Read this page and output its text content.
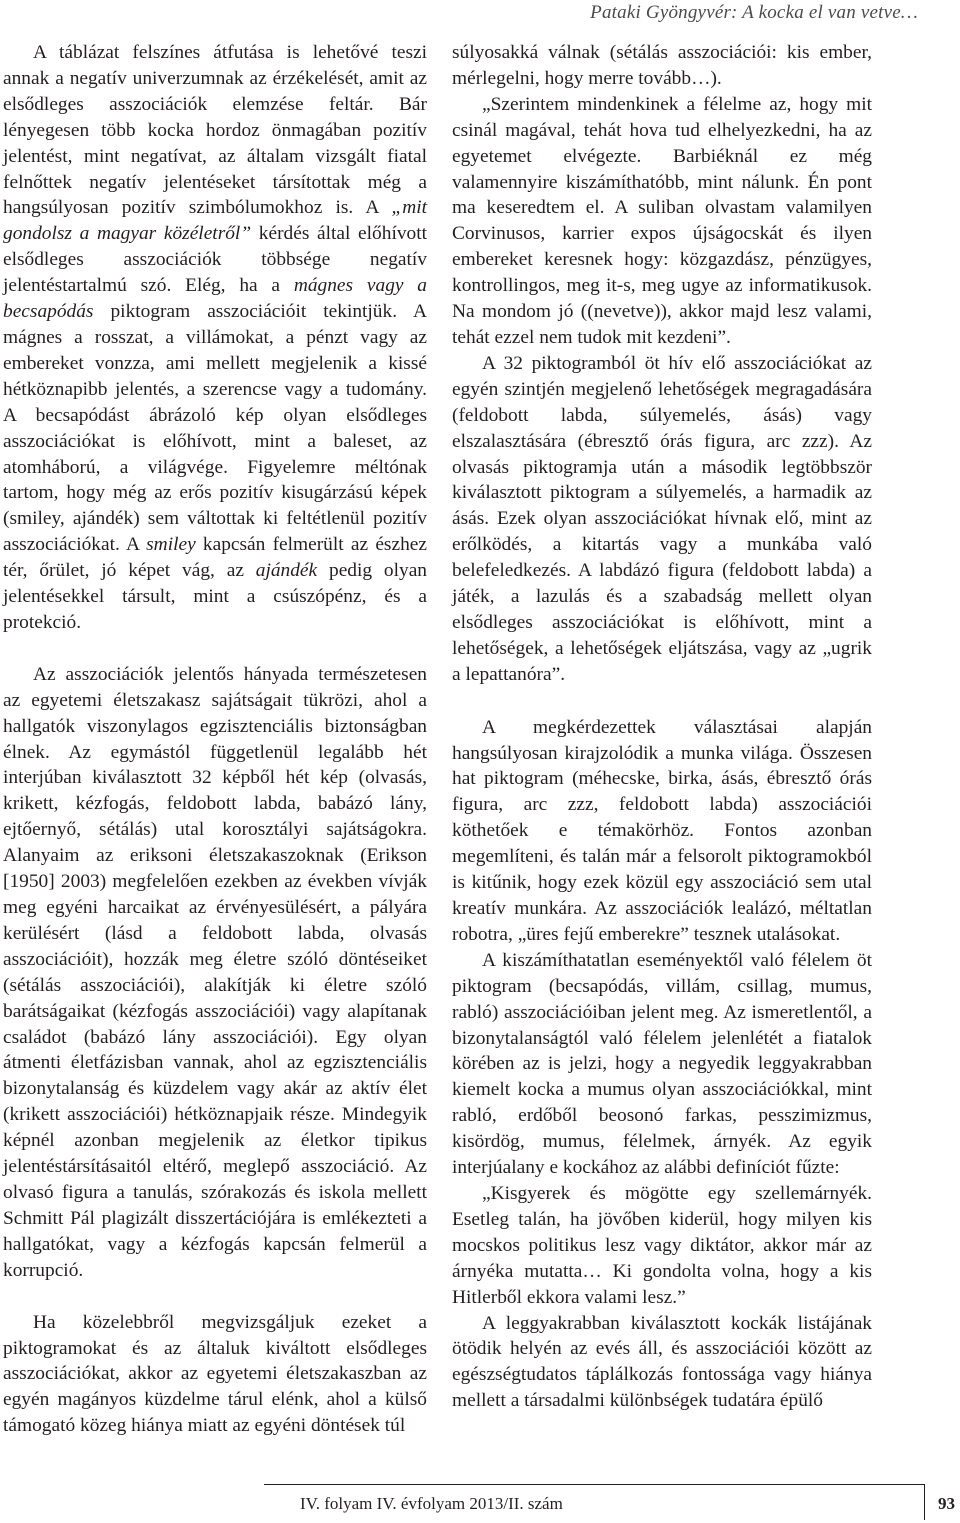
Pataki Gyöngyvér: A kocka el van vetve…

A táblázat felszínes átfutása is lehetővé teszi annak a negatív univerzumnak az érzékelését, amit az elsődleges asszociációk elemzése feltár. Bár lényegesen több kocka hordoz önmagában pozitív jelentést, mint negatívat, az általam vizsgált fiatal felnőttek negatív jelentéseket társítottak még a hangsúlyosan pozitív szimbólumokhoz is. A „mit gondolsz a magyar közéletről” kérdés által előhívott elsődleges asszociációk többsége negatív jelentéstartalmú szó. Elég, ha a mágnes vagy a becsapódás piktogram asszociációit tekintjük. A mágnes a rosszat, a villámokat, a pénzt vagy az embereket vonzza, ami mellett megjelenik a kissé hétköznapibb jelentés, a szerencse vagy a tudomány. A becsapódást ábrázoló kép olyan elsődleges asszociációkat is előhívott, mint a baleset, az atomháború, a világvége. Figyelemre méltónak tartom, hogy még az erős pozitív kisugárzású képek (smiley, ajándék) sem váltottak ki feltétlenül pozitív asszociációkat. A smiley kapcsán felmerült az észhez tér, őrület, jó képet vág, az ajándék pedig olyan jelentésekkel társult, mint a csúszópénz, és a protekció.

Az asszociációk jelentős hányada természetesen az egyetemi életszakasz sajátságait tükrözi, ahol a hallgatók viszonylagos egzisztenciális biztonságban élnek. Az egymástól függetlenül legalább hét interjúban kiválasztott 32 képből hét kép (olvasás, krikett, kézfogás, feldobott labda, babázó lány, ejtőernyő, sétálás) utal korosztályi sajátságokra. Alanyaim az eriksoni életszakaszoknak (Erikson [1950] 2003) megfelelően ezekben az években vívják meg egyéni harcaikat az érvényesülésért, a pályára kerülésért (lásd a feldobott labda, olvasás asszociációit), hozzák meg életre szóló döntéseiket (sétálás asszociációi), alakítják ki életre szóló barátságaikat (kézfogás asszociációi) vagy alapítanak családot (babázó lány asszociációi). Egy olyan átmenti életfázisban vannak, ahol az egzisztenciális bizonytalanság és küzdelem vagy akár az aktív élet (krikett asszociációi) hétköznapjaik része. Mindegyik képnél azonban megjelenik az életkor tipikus jelentéstársításaitól eltérő, meglepő asszociáció. Az olvasó figura a tanulás, szórakozás és iskola mellett Schmitt Pál plagizált disszertációjára is emlékezteti a hallgatókat, vagy a kézfogás kapcsán felmerül a korrupció.

Ha közelebbről megvizsgáljuk ezeket a piktogramokat és az általuk kiváltott elsődleges asszociációkat, akkor az egyetemi életszakaszban az egyén magányos küzdelme tárul elénk, ahol a külső támogató közeg hiánya miatt az egyéni döntések túl

súlyosakká válnak (sétálás asszociációi: kis ember, mérlegelni, hogy merre tovább…).

„Szerintem mindenkinek a félelme az, hogy mit csinál magával, tehát hova tud elhelyezkedni, ha az egyetemet elvégezte. Barbiéknál ez még valamennyire kiszámíthatóbb, mint nálunk. Én pont ma keseredtem el. A suliban olvastam valamilyen Corvinusos, karrier expos újságocskát és ilyen embereket keresnek hogy: közgazdász, pénzügyes, kontrollingos, meg it-s, meg ugye az informatikusok. Na mondom jó ((nevetve)), akkor majd lesz valami, tehát ezzel nem tudok mit kezdeni”.

A 32 piktogramból öt hív elő asszociációkat az egyén szintjén megjelenő lehetőségek megragadására (feldobott labda, súlyemelés, ásás) vagy elszalasztására (ébresztő órás figura, arc zzz). Az olvasás piktogramja után a második legtöbbször kiválasztott piktogram a súlyemelés, a harmadik az ásás. Ezek olyan asszociációkat hívnak elő, mint az erőlködés, a kitartás vagy a munkába való belefeledkezés. A labdázó figura (feldobott labda) a játék, a lazulás és a szabadság mellett olyan elsődleges asszociációkat is előhívott, mint a lehetőségek, a lehetőségek eljátszása, vagy az „ugrik a lepattanóra”.

A megkérdezettek választásai alapján hangsúlyosan kirajzolódik a munka világa. Összesen hat piktogram (méhecske, birka, ásás, ébresztő órás figura, arc zzz, feldobott labda) asszociációi köthetőek e témakörhöz. Fontos azonban megemlíteni, és talán már a felsorolt piktogramokból is kitűnik, hogy ezek közül egy asszociáció sem utal kreatív munkára. Az asszociációk lealázó, méltatlan robotra, „üres fejű emberekre” tesznek utalásokat.

A kiszámíthatatlan eseményektől való félelem öt piktogram (becsapódás, villám, csillag, mumus, rabló) asszociációiban jelent meg. Az ismeretlentől, a bizonytalanságtól való félelem jelenlétét a fiatalok körében az is jelzi, hogy a negyedik leggyakrabban kiemelt kocka a mumus olyan asszociációkkal, mint rabló, erdőből beosonó farkas, pesszimizmus, kisördög, mumus, félelmek, árnyék. Az egyik interjúalany e kockához az alábbi definíciót fűzte:

„Kisgyerek és mögötte egy szellemárnyék. Esetleg talán, ha jövőben kiderül, hogy milyen kis mocskos politikus lesz vagy diktátor, akkor már az árnyéka mutatta… Ki gondolta volna, hogy a kis Hitlerből ekkora valami lesz.”

A leggyakrabban kiválasztott kockák listájának ötödik helyén az evés áll, és asszociációi között az egészségtudatos táplálkozás fontossága vagy hiánya mellett a társadalmi különbségek tudatára épülő

IV. folyam IV. évfolyam 2013/II. szám	93
